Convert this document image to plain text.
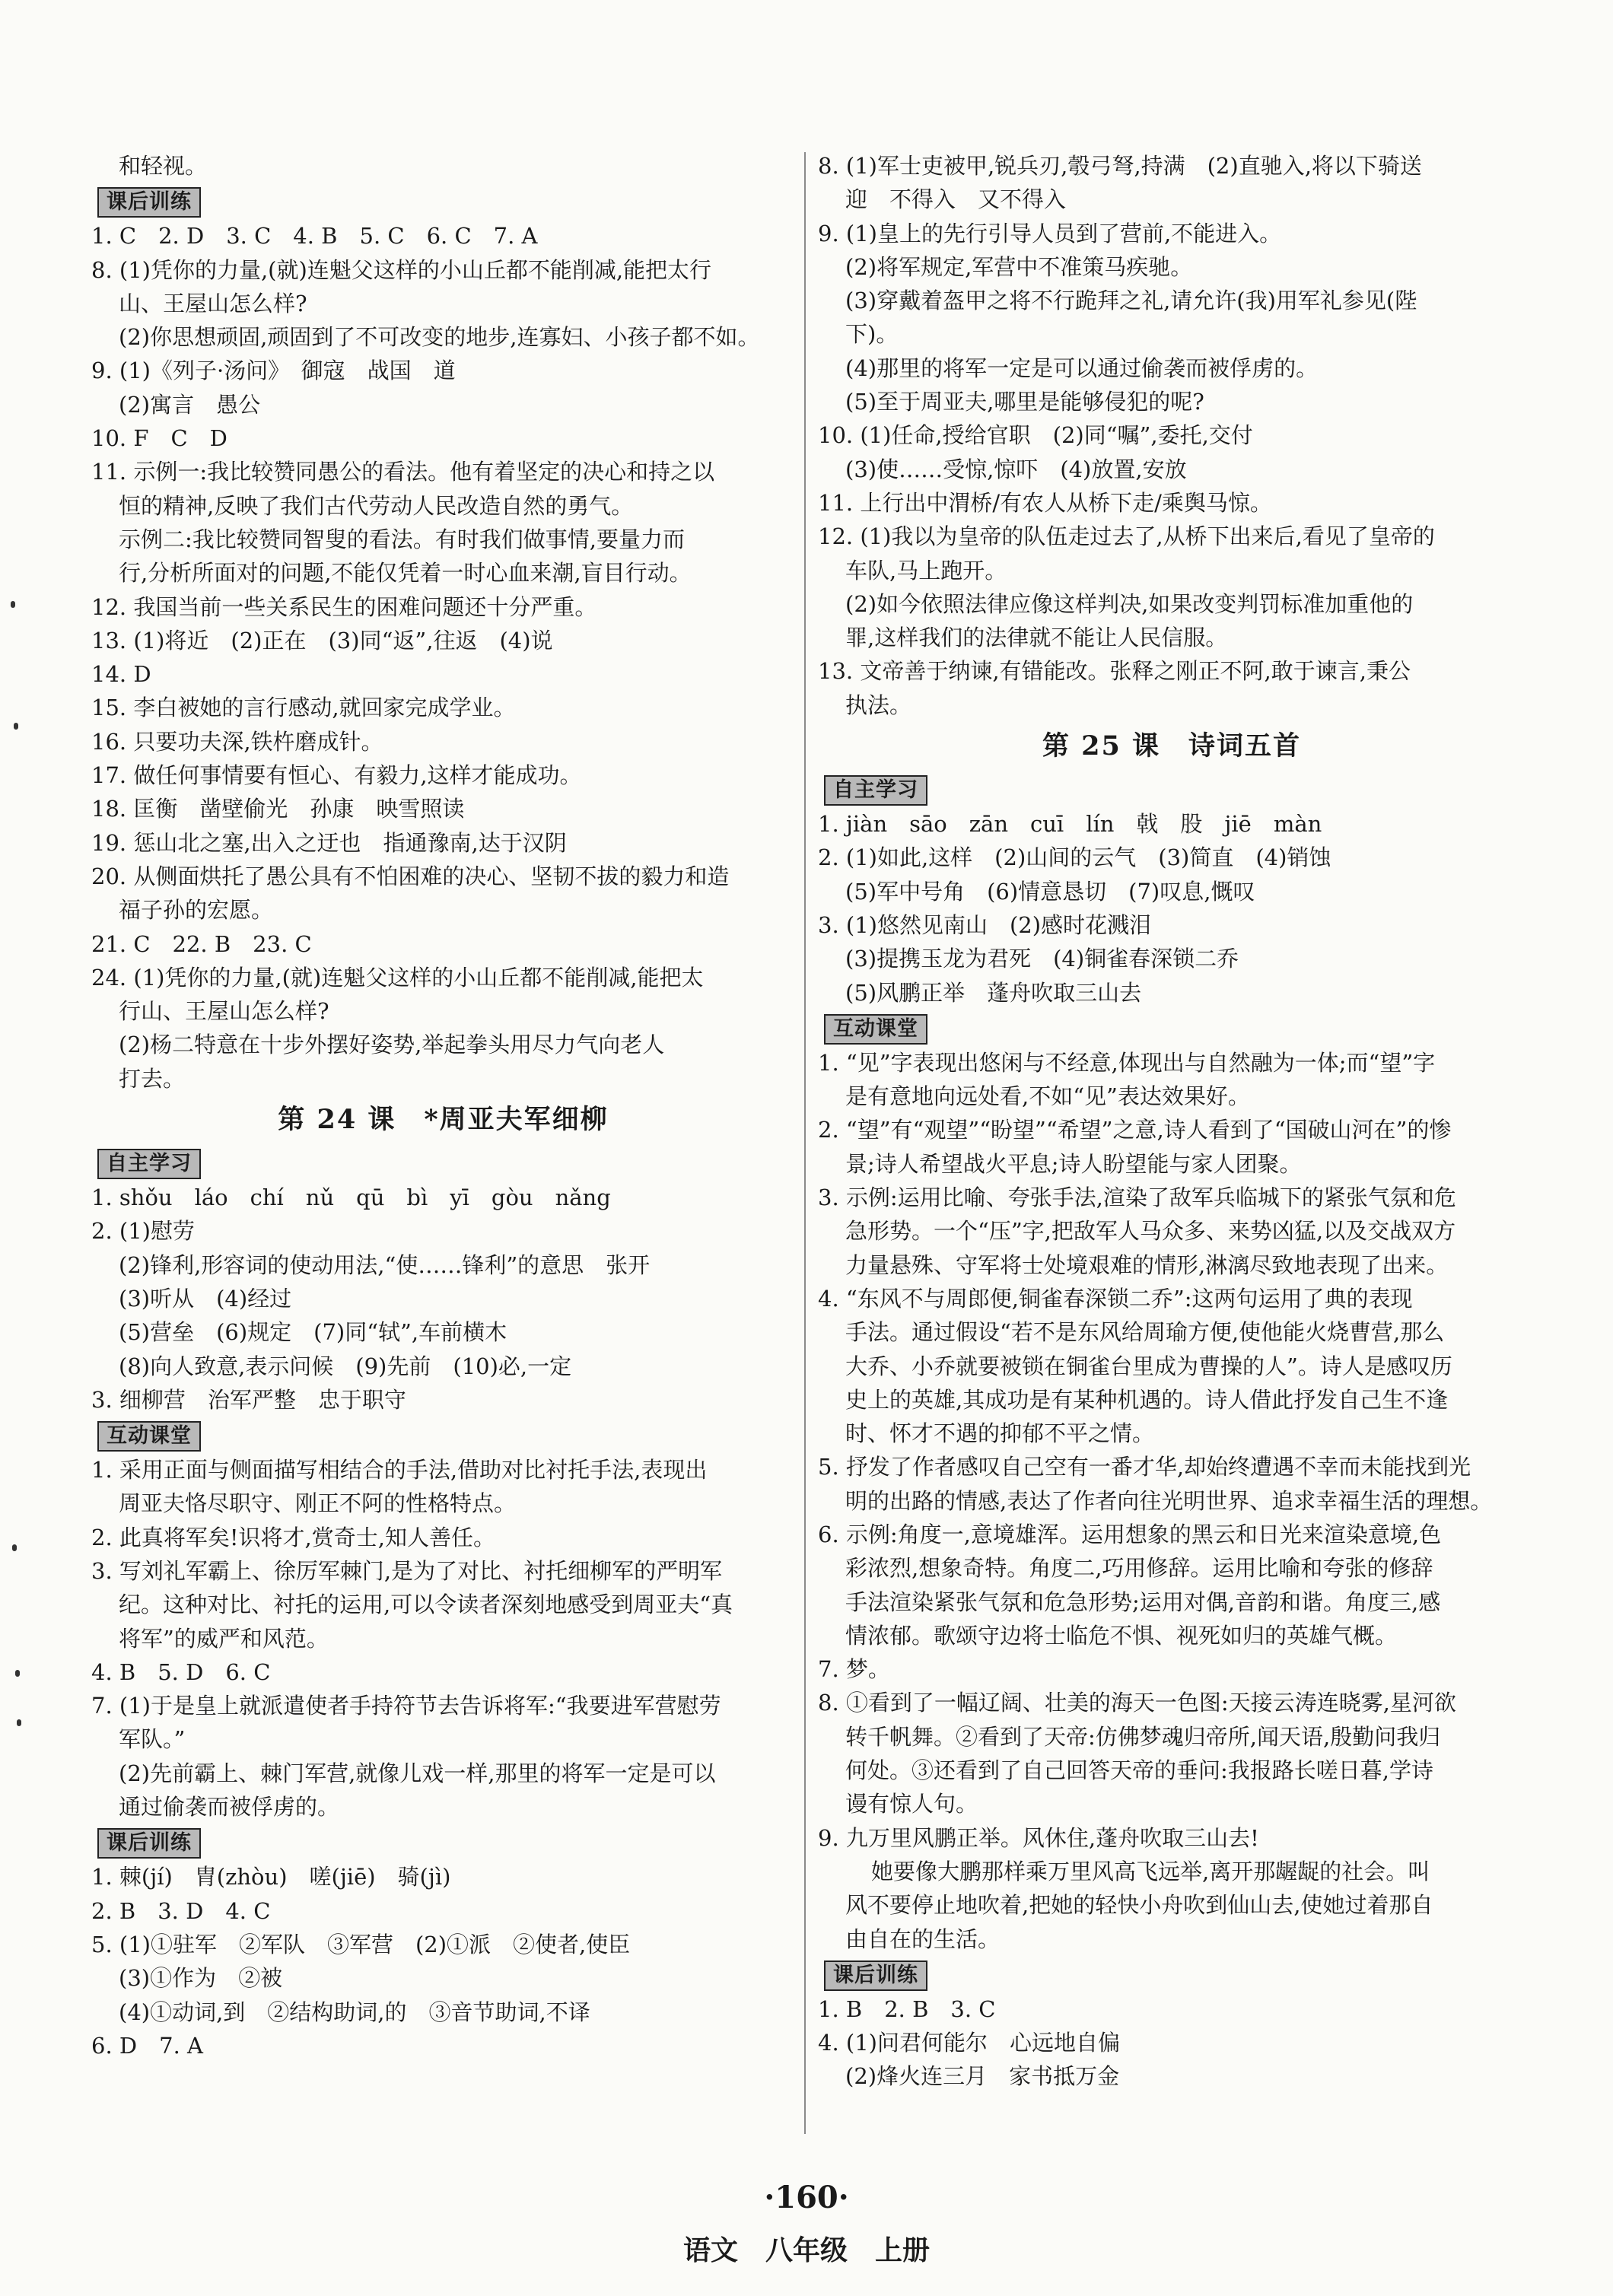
和轻视。
课后训练
1. C　2. D　3. C　4. B　5. C　6. C　7. A
8. (1)凭你的力量,(就)连魁父这样的小山丘都不能削减,能把太行
山、王屋山怎么样?
(2)你思想顽固,顽固到了不可改变的地步,连寡妇、小孩子都不如。
9. (1)《列子·汤问》　御寇　战国　道
(2)寓言　愚公
10. F　C　D
11. 示例一:我比较赞同愚公的看法。他有着坚定的决心和持之以
恒的精神,反映了我们古代劳动人民改造自然的勇气。
示例二:我比较赞同智叟的看法。有时我们做事情,要量力而
行,分析所面对的问题,不能仅凭着一时心血来潮,盲目行动。
12. 我国当前一些关系民生的困难问题还十分严重。
13. (1)将近　(2)正在　(3)同“返”,往返　(4)说
14. D
15. 李白被她的言行感动,就回家完成学业。
16. 只要功夫深,铁杵磨成针。
17. 做任何事情要有恒心、有毅力,这样才能成功。
18. 匡衡　凿壁偷光　孙康　映雪照读
19. 惩山北之塞,出入之迂也　指通豫南,达于汉阴
20. 从侧面烘托了愚公具有不怕困难的决心、坚韧不拔的毅力和造
福子孙的宏愿。
21. C　22. B　23. C
24. (1)凭你的力量,(就)连魁父这样的小山丘都不能削减,能把太
行山、王屋山怎么样?
(2)杨二特意在十步外摆好姿势,举起拳头用尽力气向老人
打去。
第 24 课　*周亚夫军细柳
自主学习
1. shǒu　láo　chí　nǔ　qū　bì　yī　gòu　nǎng
2. (1)慰劳
(2)锋利,形容词的使动用法,“使……锋利”的意思　张开
(3)听从　(4)经过
(5)营垒　(6)规定　(7)同“轼”,车前横木
(8)向人致意,表示问候　(9)先前　(10)必,一定
3. 细柳营　治军严整　忠于职守
互动课堂
1. 采用正面与侧面描写相结合的手法,借助对比衬托手法,表现出
周亚夫恪尽职守、刚正不阿的性格特点。
2. 此真将军矣!识将才,赏奇士,知人善任。
3. 写刘礼军霸上、徐厉军棘门,是为了对比、衬托细柳军的严明军
纪。这种对比、衬托的运用,可以令读者深刻地感受到周亚夫“真
将军”的威严和风范。
4. B　5. D　6. C
7. (1)于是皇上就派遣使者手持符节去告诉将军:“我要进军营慰劳
军队。”
(2)先前霸上、棘门军营,就像儿戏一样,那里的将军一定是可以
通过偷袭而被俘虏的。
课后训练
1. 棘(jí)　胄(zhòu)　嗟(jiē)　骑(jì)
2. B　3. D　4. C
5. (1)①驻军　②军队　③军营　(2)①派　②使者,使臣
(3)①作为　②被
(4)①动词,到　②结构助词,的　③音节助词,不译
6. D　7. A
8. (1)军士吏被甲,锐兵刃,彀弓弩,持满　(2)直驰入,将以下骑送
迎　不得入　又不得入
9. (1)皇上的先行引导人员到了营前,不能进入。
(2)将军规定,军营中不准策马疾驰。
(3)穿戴着盔甲之将不行跪拜之礼,请允许(我)用军礼参见(陛
下)。
(4)那里的将军一定是可以通过偷袭而被俘虏的。
(5)至于周亚夫,哪里是能够侵犯的呢?
10. (1)任命,授给官职　(2)同“嘱”,委托,交付
(3)使……受惊,惊吓　(4)放置,安放
11. 上行出中渭桥/有农人从桥下走/乘舆马惊。
12. (1)我以为皇帝的队伍走过去了,从桥下出来后,看见了皇帝的
车队,马上跑开。
(2)如今依照法律应像这样判决,如果改变判罚标准加重他的
罪,这样我们的法律就不能让人民信服。
13. 文帝善于纳谏,有错能改。张释之刚正不阿,敢于谏言,秉公
执法。
第 25 课　诗词五首
自主学习
1. jiàn　sāo　zān　cuī　lín　戟　股　jiē　màn
2. (1)如此,这样　(2)山间的云气　(3)简直　(4)销蚀
(5)军中号角　(6)情意恳切　(7)叹息,慨叹
3. (1)悠然见南山　(2)感时花溅泪
(3)提携玉龙为君死　(4)铜雀春深锁二乔
(5)风鹏正举　蓬舟吹取三山去
互动课堂
1. “见”字表现出悠闲与不经意,体现出与自然融为一体;而“望”字
是有意地向远处看,不如“见”表达效果好。
2. “望”有“观望”“盼望”“希望”之意,诗人看到了“国破山河在”的惨
景;诗人希望战火平息;诗人盼望能与家人团聚。
3. 示例:运用比喻、夸张手法,渲染了敌军兵临城下的紧张气氛和危
急形势。一个“压”字,把敌军人马众多、来势凶猛,以及交战双方
力量悬殊、守军将士处境艰难的情形,淋漓尽致地表现了出来。
4. “东风不与周郎便,铜雀春深锁二乔”:这两句运用了典的表现
手法。通过假设“若不是东风给周瑜方便,使他能火烧曹营,那么
大乔、小乔就要被锁在铜雀台里成为曹操的人”。诗人是感叹历
史上的英雄,其成功是有某种机遇的。诗人借此抒发自己生不逢
时、怀才不遇的抑郁不平之情。
5. 抒发了作者感叹自己空有一番才华,却始终遭遇不幸而未能找到光
明的出路的情感,表达了作者向往光明世界、追求幸福生活的理想。
6. 示例:角度一,意境雄浑。运用想象的黑云和日光来渲染意境,色
彩浓烈,想象奇特。角度二,巧用修辞。运用比喻和夸张的修辞
手法渲染紧张气氛和危急形势;运用对偶,音韵和谐。角度三,感
情浓郁。歌颂守边将士临危不惧、视死如归的英雄气概。
7. 梦。
8. ①看到了一幅辽阔、壮美的海天一色图:天接云涛连晓雾,星河欲
转千帆舞。②看到了天帝:仿佛梦魂归帝所,闻天语,殷勤问我归
何处。③还看到了自己回答天帝的垂问:我报路长嗟日暮,学诗
谩有惊人句。
9. 九万里风鹏正举。风休住,蓬舟吹取三山去!
她要像大鹏那样乘万里风高飞远举,离开那龌龊的社会。叫
风不要停止地吹着,把她的轻快小舟吹到仙山去,使她过着那自
由自在的生活。
课后训练
1. B　2. B　3. C
4. (1)问君何能尔　心远地自偏
(2)烽火连三月　家书抵万金
·160·
语文　八年级　上册
